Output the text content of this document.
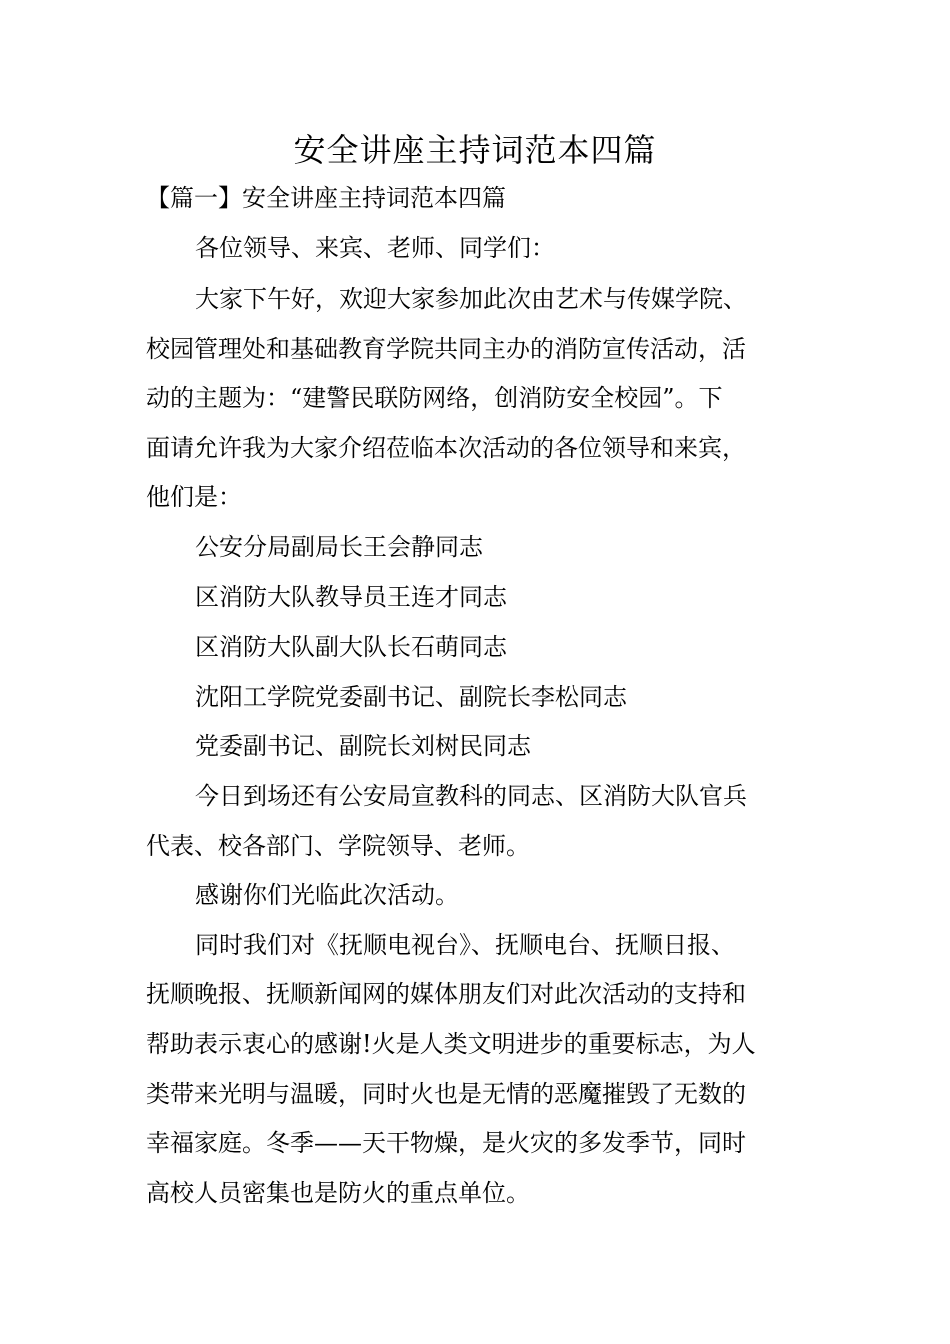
安全讲座主持词范本四篇
【篇一】安全讲座主持词范本四篇
各位领导、来宾、老师、同学们：
大家下午好，欢迎大家参加此次由艺术与传媒学院、
校园管理处和基础教育学院共同主办的消防宣传活动，活
动的主题为：“建警民联防网络，创消防安全校园”。下
面请允许我为大家介绍莅临本次活动的各位领导和来宾，
他们是：
公安分局副局长王会静同志
区消防大队教导员王连才同志
区消防大队副大队长石萌同志
沈阳工学院党委副书记、副院长李松同志
党委副书记、副院长刘树民同志
今日到场还有公安局宣教科的同志、区消防大队官兵
代表、校各部门、学院领导、老师。
感谢你们光临此次活动。
同时我们对《抚顺电视台》、抚顺电台、抚顺日报、
抚顺晚报、抚顺新闻网的媒体朋友们对此次活动的支持和
帮助表示衷心的感谢!火是人类文明进步的重要标志，为人
类带来光明与温暖，同时火也是无情的恶魔摧毁了无数的
幸福家庭。冬季——天干物燥，是火灾的多发季节，同时
高校人员密集也是防火的重点单位。
